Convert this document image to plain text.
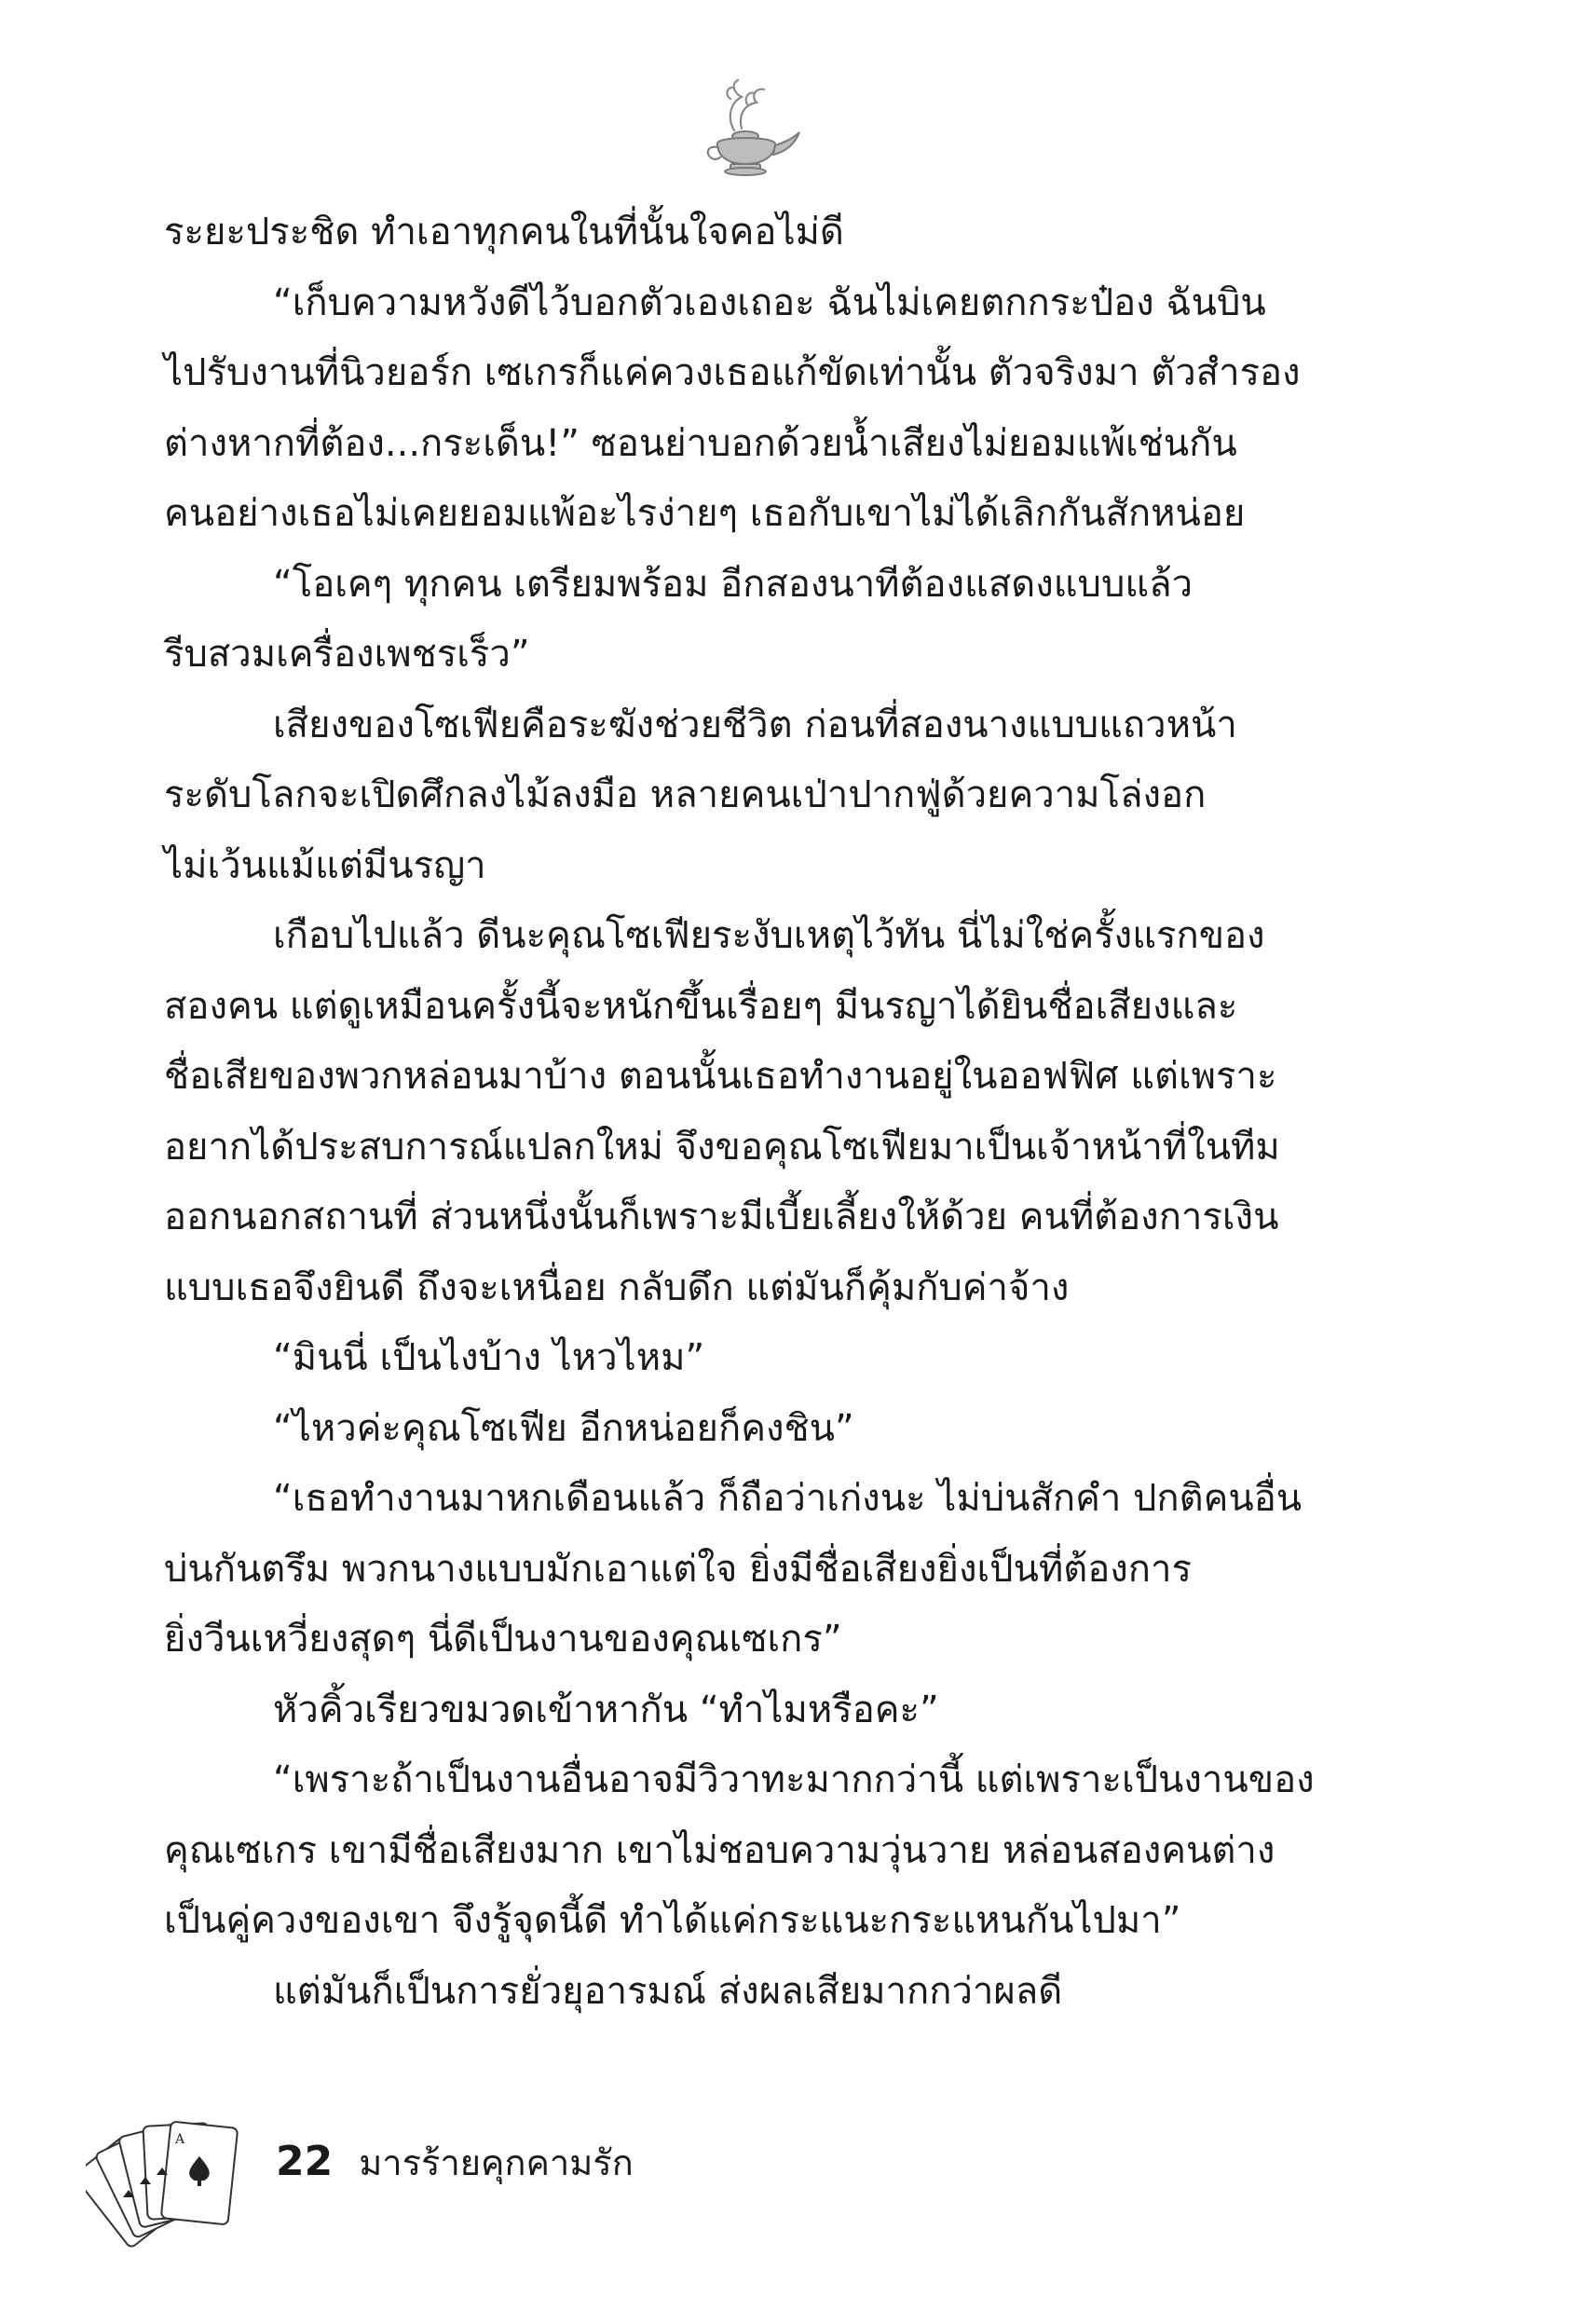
ระยะประชิด ทำเอาทุกคนในที่นั้นใจคอไม่ดี
“เก็บความหวังดีไว้บอกตัวเองเถอะ ฉันไม่เคยตกกระป๋อง ฉันบิน
ไปรับงานที่นิวยอร์ก เซเกรก็แค่ควงเธอแก้ขัดเท่านั้น ตัวจริงมา ตัวสำรอง
ต่างหากที่ต้อง...กระเด็น!” ซอนย่าบอกด้วยน้ำเสียงไม่ยอมแพ้เช่นกัน
คนอย่างเธอไม่เคยยอมแพ้อะไรง่ายๆ เธอกับเขาไม่ได้เลิกกันสักหน่อย
“โอเคๆ ทุกคน เตรียมพร้อม อีกสองนาทีต้องแสดงแบบแล้ว
รีบสวมเครื่องเพชรเร็ว”
เสียงของโซเฟียคือระฆังช่วยชีวิต ก่อนที่สองนางแบบแถวหน้า
ระดับโลกจะเปิดศึกลงไม้ลงมือ หลายคนเป่าปากฟู่ด้วยความโล่งอก
ไม่เว้นแม้แต่มีนรญา
เกือบไปแล้ว ดีนะคุณโซเฟียระงับเหตุไว้ทัน นี่ไม่ใช่ครั้งแรกของ
สองคน แต่ดูเหมือนครั้งนี้จะหนักขึ้นเรื่อยๆ มีนรญาได้ยินชื่อเสียงและ
ชื่อเสียของพวกหล่อนมาบ้าง ตอนนั้นเธอทำงานอยู่ในออฟฟิศ แต่เพราะ
อยากได้ประสบการณ์แปลกใหม่ จึงขอคุณโซเฟียมาเป็นเจ้าหน้าที่ในทีม
ออกนอกสถานที่ ส่วนหนึ่งนั้นก็เพราะมีเบี้ยเลี้ยงให้ด้วย คนที่ต้องการเงิน
แบบเธอจึงยินดี ถึงจะเหนื่อย กลับดึก แต่มันก็คุ้มกับค่าจ้าง
“มินนี่ เป็นไงบ้าง ไหวไหม”
“ไหวค่ะคุณโซเฟีย อีกหน่อยก็คงชิน”
“เธอทำงานมาหกเดือนแล้ว ก็ถือว่าเก่งนะ ไม่บ่นสักคำ ปกติคนอื่น
บ่นกันตรึม พวกนางแบบมักเอาแต่ใจ ยิ่งมีชื่อเสียงยิ่งเป็นที่ต้องการ
ยิ่งวีนเหวี่ยงสุดๆ นี่ดีเป็นงานของคุณเซเกร”
หัวคิ้วเรียวขมวดเข้าหากัน “ทำไมหรือคะ”
“เพราะถ้าเป็นงานอื่นอาจมีวิวาทะมากกว่านี้ แต่เพราะเป็นงานของ
คุณเซเกร เขามีชื่อเสียงมาก เขาไม่ชอบความวุ่นวาย หล่อนสองคนต่าง
เป็นคู่ควงของเขา จึงรู้จุดนี้ดี ทำได้แค่กระแนะกระแหนกันไปมา”
แต่มันก็เป็นการยั่วยุอารมณ์ ส่งผลเสียมากกว่าผลดี
A 22 มารร้ายคุกคามรัก
